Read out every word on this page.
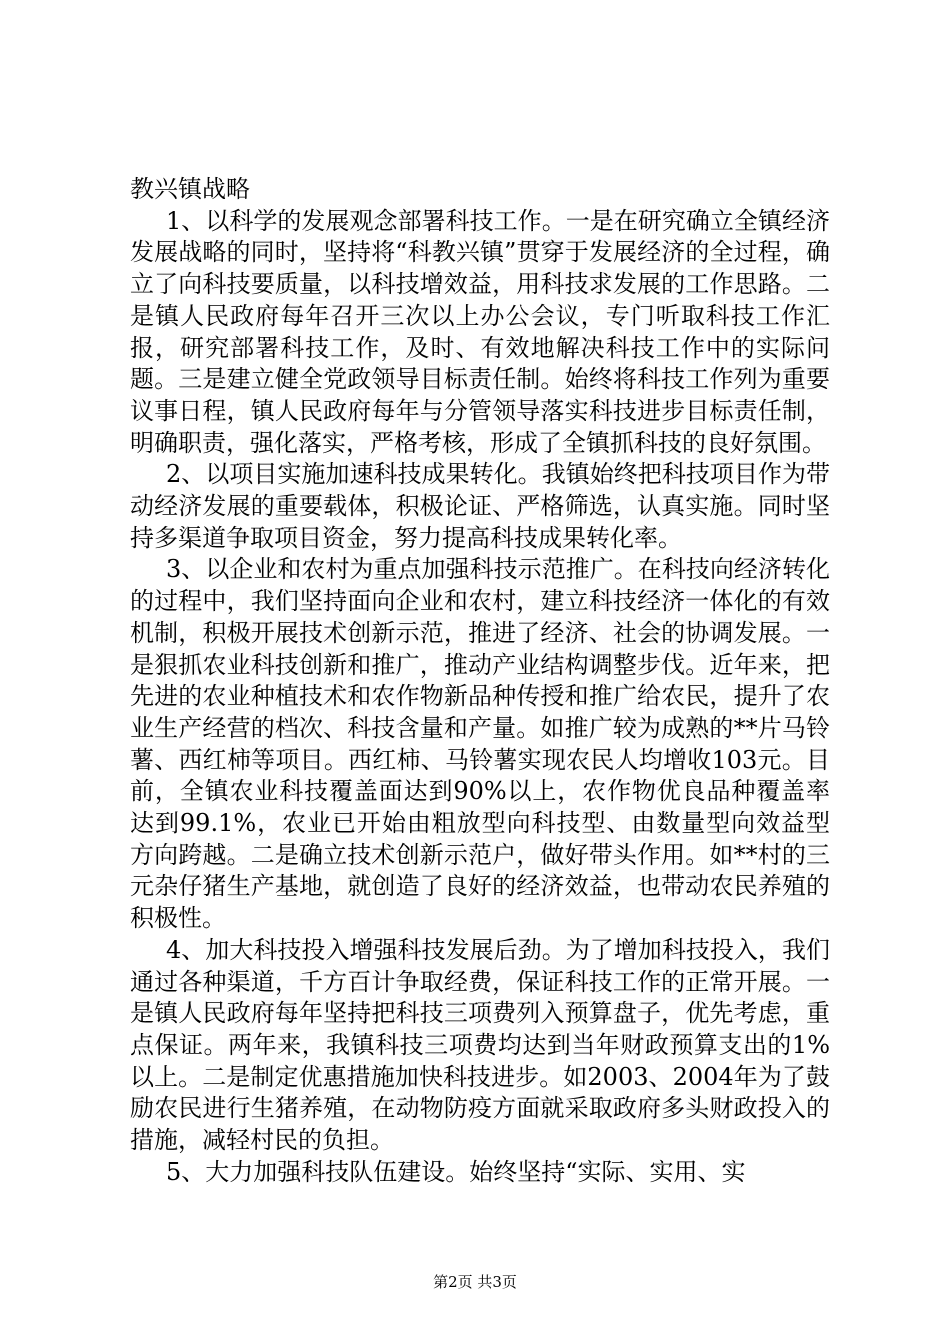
教兴镇战略

1、以科学的发展观念部署科技工作。一是在研究确立全镇经济发展战略的同时，坚持将“科教兴镇”贯穿于发展经济的全过程，确立了向科技要质量，以科技增效益，用科技求发展的工作思路。二是镇人民政府每年召开三次以上办公会议，专门听取科技工作汇报，研究部署科技工作，及时、有效地解决科技工作中的实际问题。三是建立健全党政领导目标责任制。始终将科技工作列为重要议事日程，镇人民政府每年与分管领导落实科技进步目标责任制，明确职责，强化落实，严格考核，形成了全镇抓科技的良好氛围。

2、以项目实施加速科技成果转化。我镇始终把科技项目作为带动经济发展的重要载体，积极论证、严格筛选，认真实施。同时坚持多渠道争取项目资金，努力提高科技成果转化率。

3、以企业和农村为重点加强科技示范推广。在科技向经济转化的过程中，我们坚持面向企业和农村，建立科技经济一体化的有效机制，积极开展技术创新示范，推进了经济、社会的协调发展。一是狠抓农业科技创新和推广，推动产业结构调整步伐。近年来，把先进的农业种植技术和农作物新品种传授和推广给农民，提升了农业生产经营的档次、科技含量和产量。如推广较为成熟的**片马铃薯、西红柿等项目。西红柿、马铃薯实现农民人均增收103元。目前，全镇农业科技覆盖面达到90%以上，农作物优良品种覆盖率达到99.1%，农业已开始由粗放型向科技型、由数量型向效益型方向跨越。二是确立技术创新示范户，做好带头作用。如**村的三元杂仔猪生产基地，就创造了良好的经济效益，也带动农民养殖的积极性。

4、加大科技投入增强科技发展后劲。为了增加科技投入，我们通过各种渠道，千方百计争取经费，保证科技工作的正常开展。一是镇人民政府每年坚持把科技三项费列入预算盘子，优先考虑，重点保证。两年来，我镇科技三项费均达到当年财政预算支出的1%以上。二是制定优惠措施加快科技进步。如2003、2004年为了鼓励农民进行生猪养殖，在动物防疫方面就采取政府多头财政投入的措施，减轻村民的负担。

5、大力加强科技队伍建设。始终坚持“实际、实用、实

第2页 共3页
